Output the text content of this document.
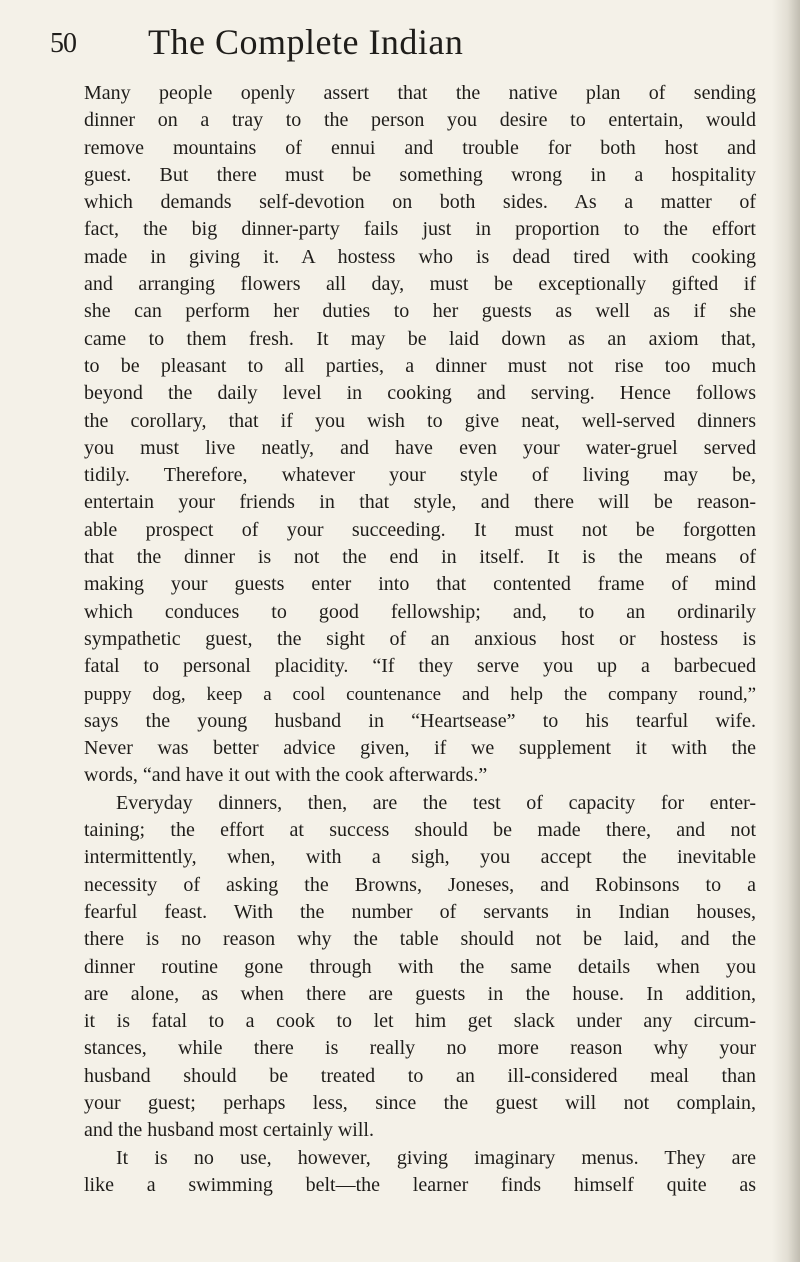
50 The Complete Indian
Many people openly assert that the native plan of sending
dinner on a tray to the person you desire to entertain, would
remove mountains of ennui and trouble for both host and
guest. But there must be something wrong in a hospitality
which demands self-devotion on both sides. As a matter of
fact, the big dinner-party fails just in proportion to the effort
made in giving it. A hostess who is dead tired with cooking
and arranging flowers all day, must be exceptionally gifted if
she can perform her duties to her guests as well as if she
came to them fresh. It may be laid down as an axiom that,
to be pleasant to all parties, a dinner must not rise too much
beyond the daily level in cooking and serving. Hence follows
the corollary, that if you wish to give neat, well-served dinners
you must live neatly, and have even your water-gruel served
tidily. Therefore, whatever your style of living may be,
entertain your friends in that style, and there will be reason-
able prospect of your succeeding. It must not be forgotten
that the dinner is not the end in itself. It is the means of
making your guests enter into that contented frame of mind
which conduces to good fellowship; and, to an ordinarily
sympathetic guest, the sight of an anxious host or hostess is
fatal to personal placidity. “If they serve you up a barbecued
puppy dog, keep a cool countenance and help the company round,”
says the young husband in “Heartsease” to his tearful wife.
Never was better advice given, if we supplement it with the
words, “and have it out with the cook afterwards.”
Everyday dinners, then, are the test of capacity for enter-
taining; the effort at success should be made there, and not
intermittently, when, with a sigh, you accept the inevitable
necessity of asking the Browns, Joneses, and Robinsons to a
fearful feast. With the number of servants in Indian houses,
there is no reason why the table should not be laid, and the
dinner routine gone through with the same details when you
are alone, as when there are guests in the house. In addition,
it is fatal to a cook to let him get slack under any circum-
stances, while there is really no more reason why your
husband should be treated to an ill-considered meal than
your guest; perhaps less, since the guest will not complain,
and the husband most certainly will.
It is no use, however, giving imaginary menus. They are
like a swimming belt—the learner finds himself quite as
